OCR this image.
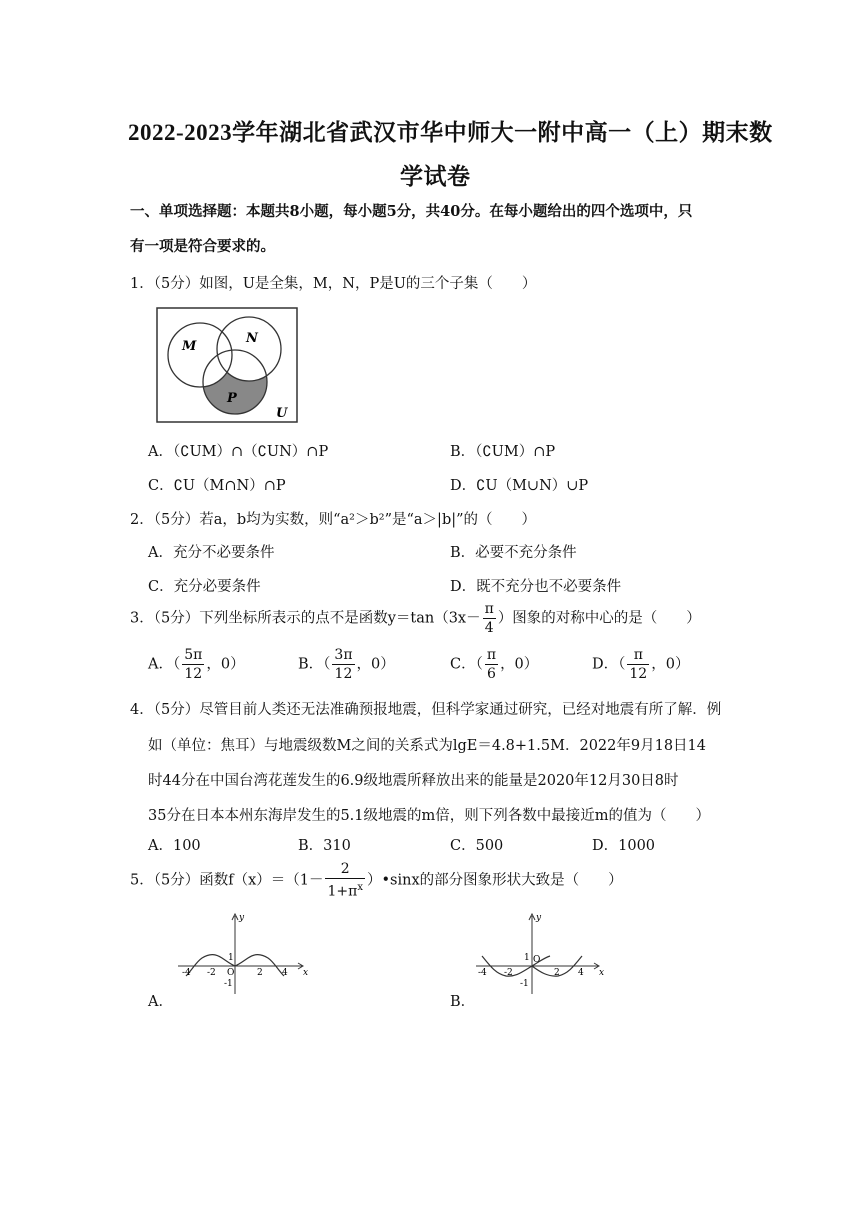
2022-2023学年湖北省武汉市华中师大一附中高一（上）期末数
学试卷
一、单项选择题：本题共8小题，每小题5分，共40分。在每小题给出的四个选项中，只
有一项是符合要求的。
1．（5分）如图，U是全集，M，N，P是U的三个子集（　　）
M
N
P
U
A．（∁UM）∩（∁UN）∩P	B．（∁UM）∩P
C．∁U（M∩N）∩P	D．∁U（M∪N）∪P
2．（5分）若a，b均为实数，则“a²＞b²”是“a＞|b|”的（　　）
A．充分不必要条件	B．必要不充分条件
C．充分必要条件	D．既不充分也不必要条件
3．（5分）下列坐标所表示的点不是函数$y=\tan(3x- \frac{\pi}{4}$ ）图象的对称中心的是（　　）
A．（ $\frac{5\pi}{12}$ ，0）	B．（ $\frac{3\pi}{12}$ ，0）	C．（ $\frac{\pi}{6}$ ，0）	D．（ $\frac{\pi}{12}$ ，0）
4．（5分）尽管目前人类还无法准确预报地震，但科学家通过研究，已经对地震有所了解．例
如（单位：焦耳）与地震级数M之间的关系式为lgE＝4.8+1.5M．2022年9月18日14
时44分在中国台湾花莲发生的6.9级地震所释放出来的能量是2020年12月30日8时
35分在日本本州东海岸发生的5.1级地震的m倍，则下列各数中最接近m的值为（　　）
A．100	B．310	C．500	D．1000
5．（5分）函数$f(x)=(1- \frac{2}{1+\pi^x}$ ）•sinx的部分图象形状大致是（　　）
-4 -2 O	2 4
1
-1
x
y
A．
-4 -2
O
2 4
1
-1
x
y
B．
